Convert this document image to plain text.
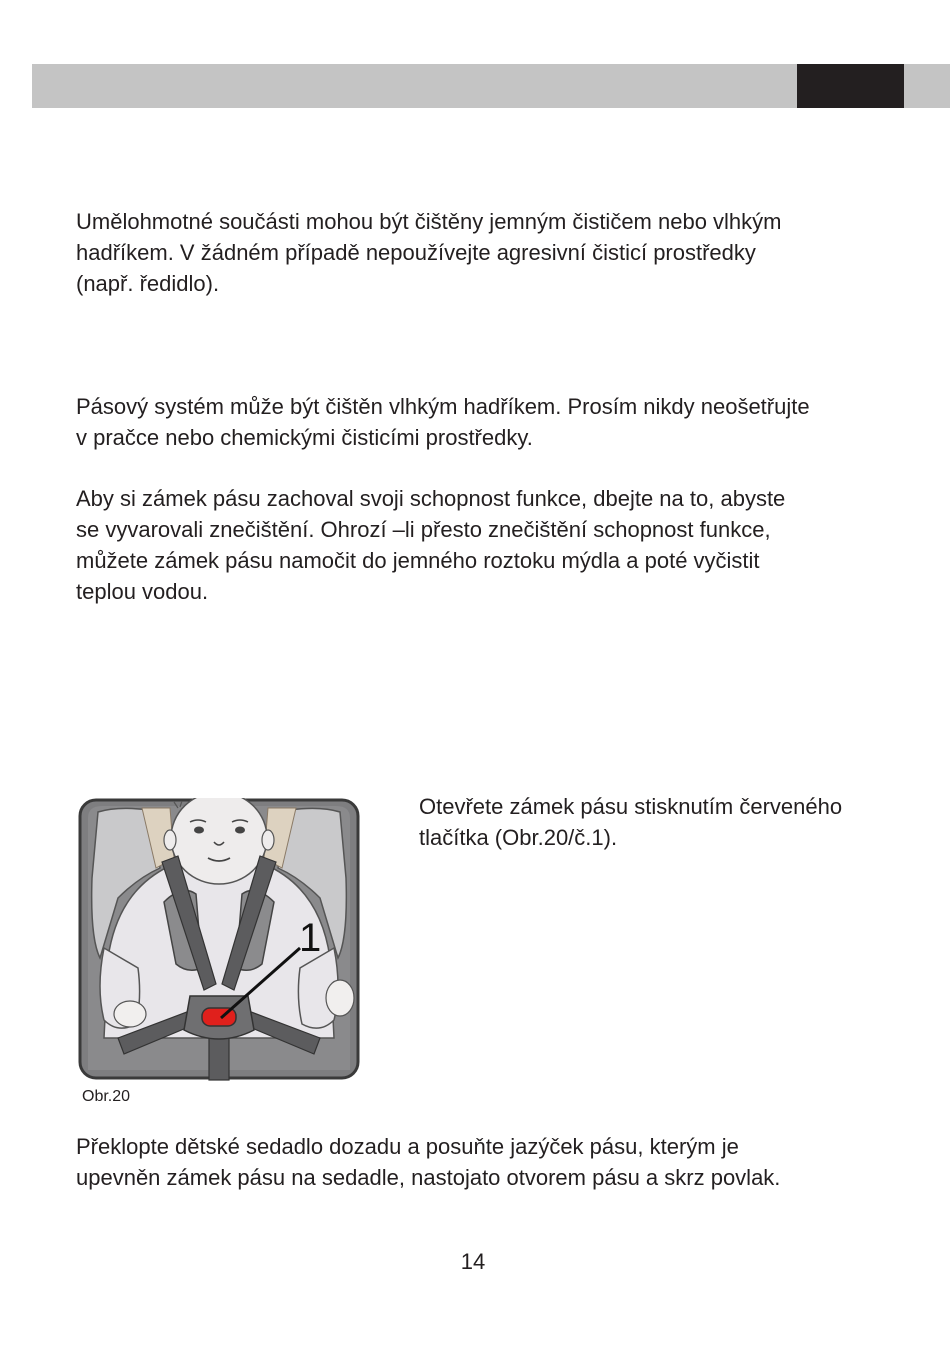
Umělohmotné součásti mohou být čištěny jemným čističem nebo vlhkým
hadříkem. V žádném případě nepoužívejte agresivní čisticí prostředky
(např. ředidlo).

Pásový systém může být čištěn vlhkým hadříkem. Prosím nikdy neošetřujte
v pračce nebo chemickými čisticími prostředky.

Aby si zámek pásu zachoval svoji schopnost funkce, dbejte na to, abyste
se vyvarovali znečištění. Ohrozí –li přesto znečištění schopnost funkce,
můžete zámek pásu namočit do jemného roztoku mýdla a poté vyčistit
teplou vodou.

1
Obr.20

Otevřete zámek pásu stisknutím červeného
tlačítka (Obr.20/č.1).

Překlopte dětské sedadlo dozadu a posuňte jazýček pásu, kterým je
upevněn zámek pásu na sedadle, nastojato otvorem pásu a skrz povlak.

14
